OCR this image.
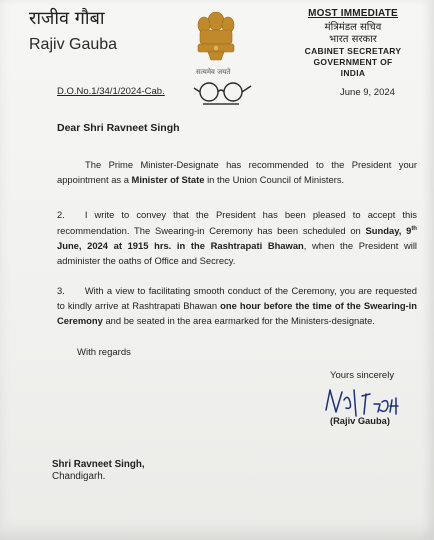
राजीव गौबा
Rajiv Gauba
सत्यमेव जयते
MOST IMMEDIATE
मंत्रिमंडल सचिव
भारत सरकार
CABINET SECRETARY
GOVERNMENT OF INDIA
D.O.No.1/34/1/2024-Cab.	June 9, 2024
Dear Shri Ravneet Singh
The Prime Minister-Designate has recommended to the President your appointment as a Minister of State in the Union Council of Ministers.
2. I write to convey that the President has been pleased to accept this recommendation. The Swearing-in Ceremony has been scheduled on Sunday, 9th June, 2024 at 1915 hrs. in the Rashtrapati Bhawan, when the President will administer the oaths of Office and Secrecy.
3. With a view to facilitating smooth conduct of the Ceremony, you are requested to kindly arrive at Rashtrapati Bhawan one hour before the time of the Swearing-in Ceremony and be seated in the area earmarked for the Ministers-designate.
With regards
Yours sincerely
(Rajiv Gauba)
Shri Ravneet Singh,
Chandigarh.
